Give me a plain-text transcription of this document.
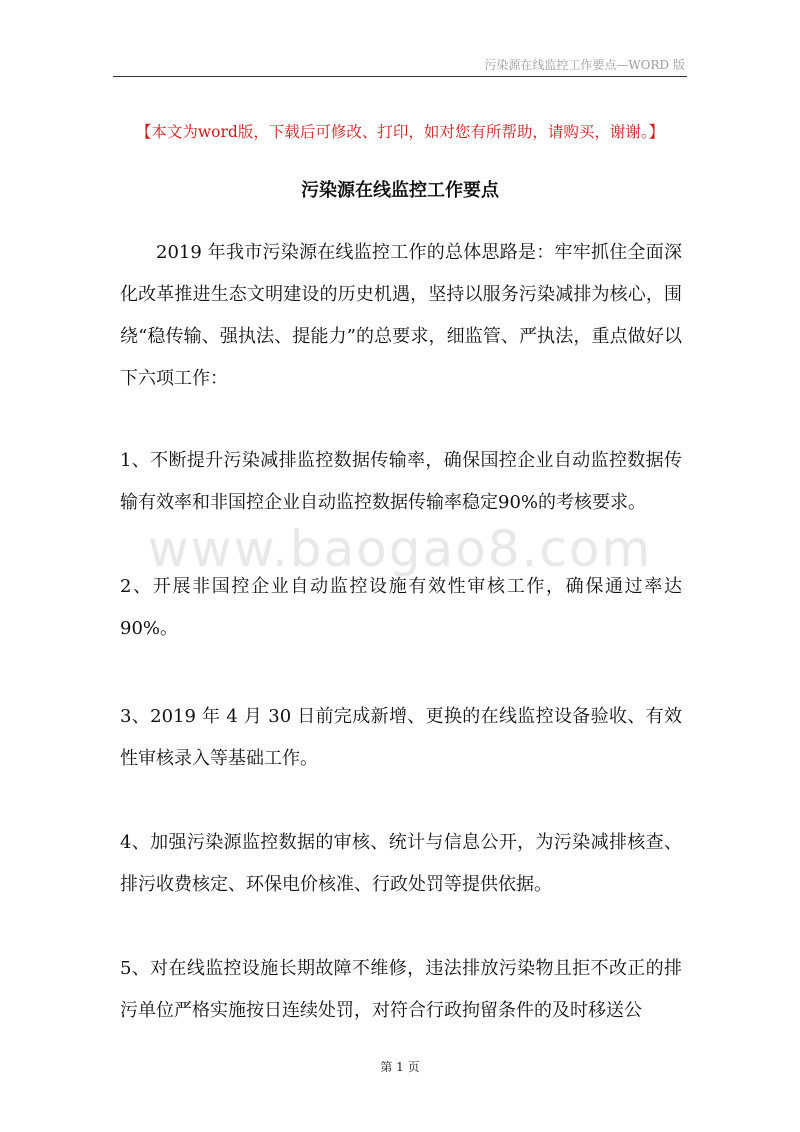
污染源在线监控工作要点—WORD 版
【本文为word版，下载后可修改、打印，如对您有所帮助，请购买，谢谢。】
污染源在线监控工作要点

2019 年我市污染源在线监控工作的总体思路是：牢牢抓住全面深化改革推进生态文明建设的历史机遇，坚持以服务污染减排为核心，围绕“稳传输、强执法、提能力”的总要求，细监管、严执法，重点做好以下六项工作：

1、不断提升污染减排监控数据传输率，确保国控企业自动监控数据传输有效率和非国控企业自动监控数据传输率稳定90%的考核要求。

2、开展非国控企业自动监控设施有效性审核工作，确保通过率达90%。

3、2019 年 4 月 30 日前完成新增、更换的在线监控设备验收、有效性审核录入等基础工作。

4、加强污染源监控数据的审核、统计与信息公开，为污染减排核查、排污收费核定、环保电价核准、行政处罚等提供依据。

5、对在线监控设施长期故障不维修，违法排放污染物且拒不改正的排污单位严格实施按日连续处罚，对符合行政拘留条件的及时移送公

www.baogao8.com
第 1 页
